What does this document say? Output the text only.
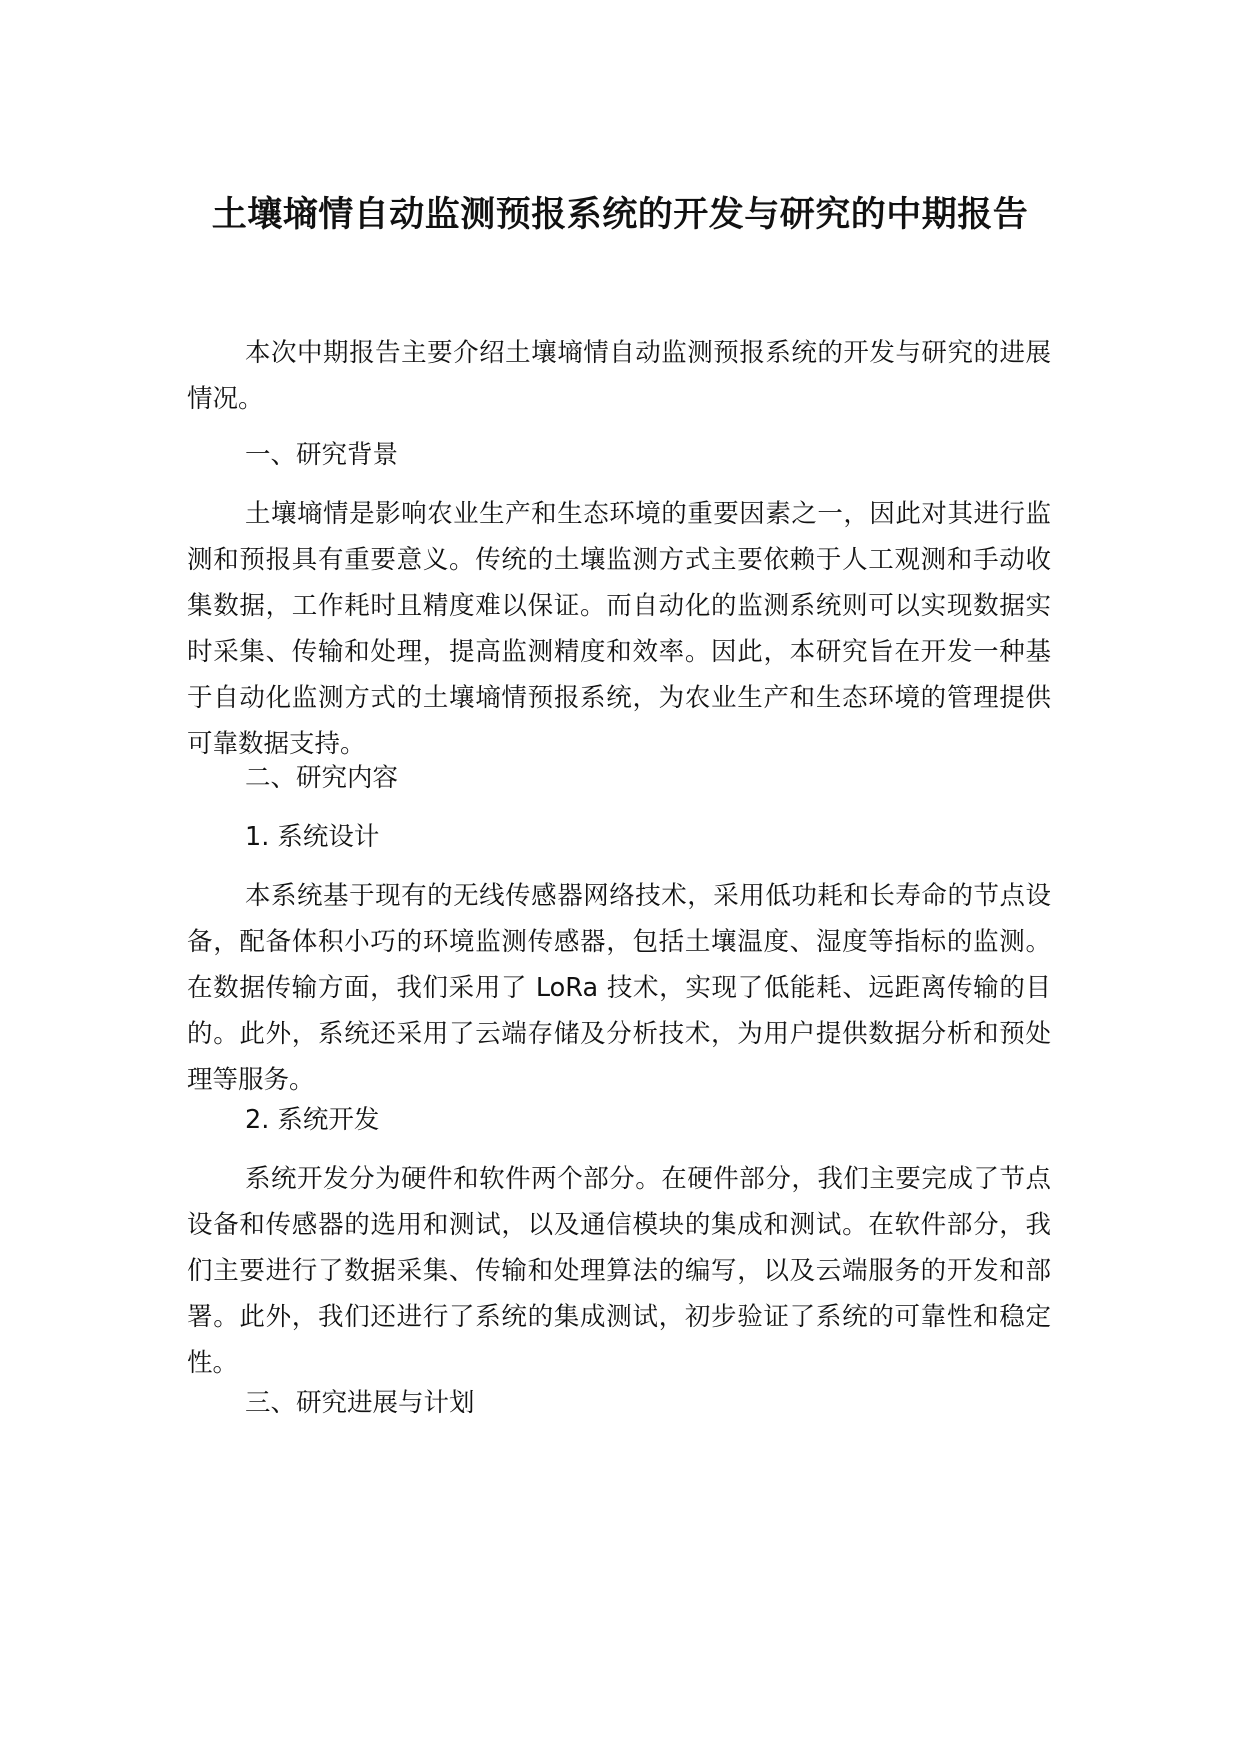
土壤墒情自动监测预报系统的开发与研究的中期报告

本次中期报告主要介绍土壤墒情自动监测预报系统的开发与研究的进展情况。

一、研究背景

土壤墒情是影响农业生产和生态环境的重要因素之一，因此对其进行监测和预报具有重要意义。传统的土壤监测方式主要依赖于人工观测和手动收集数据，工作耗时且精度难以保证。而自动化的监测系统则可以实现数据实时采集、传输和处理，提高监测精度和效率。因此，本研究旨在开发一种基于自动化监测方式的土壤墒情预报系统，为农业生产和生态环境的管理提供可靠数据支持。

二、研究内容

1. 系统设计

本系统基于现有的无线传感器网络技术，采用低功耗和长寿命的节点设备，配备体积小巧的环境监测传感器，包括土壤温度、湿度等指标的监测。在数据传输方面，我们采用了 LoRa 技术，实现了低能耗、远距离传输的目的。此外，系统还采用了云端存储及分析技术，为用户提供数据分析和预处理等服务。

2. 系统开发

系统开发分为硬件和软件两个部分。在硬件部分，我们主要完成了节点设备和传感器的选用和测试，以及通信模块的集成和测试。在软件部分，我们主要进行了数据采集、传输和处理算法的编写，以及云端服务的开发和部署。此外，我们还进行了系统的集成测试，初步验证了系统的可靠性和稳定性。

三、研究进展与计划
